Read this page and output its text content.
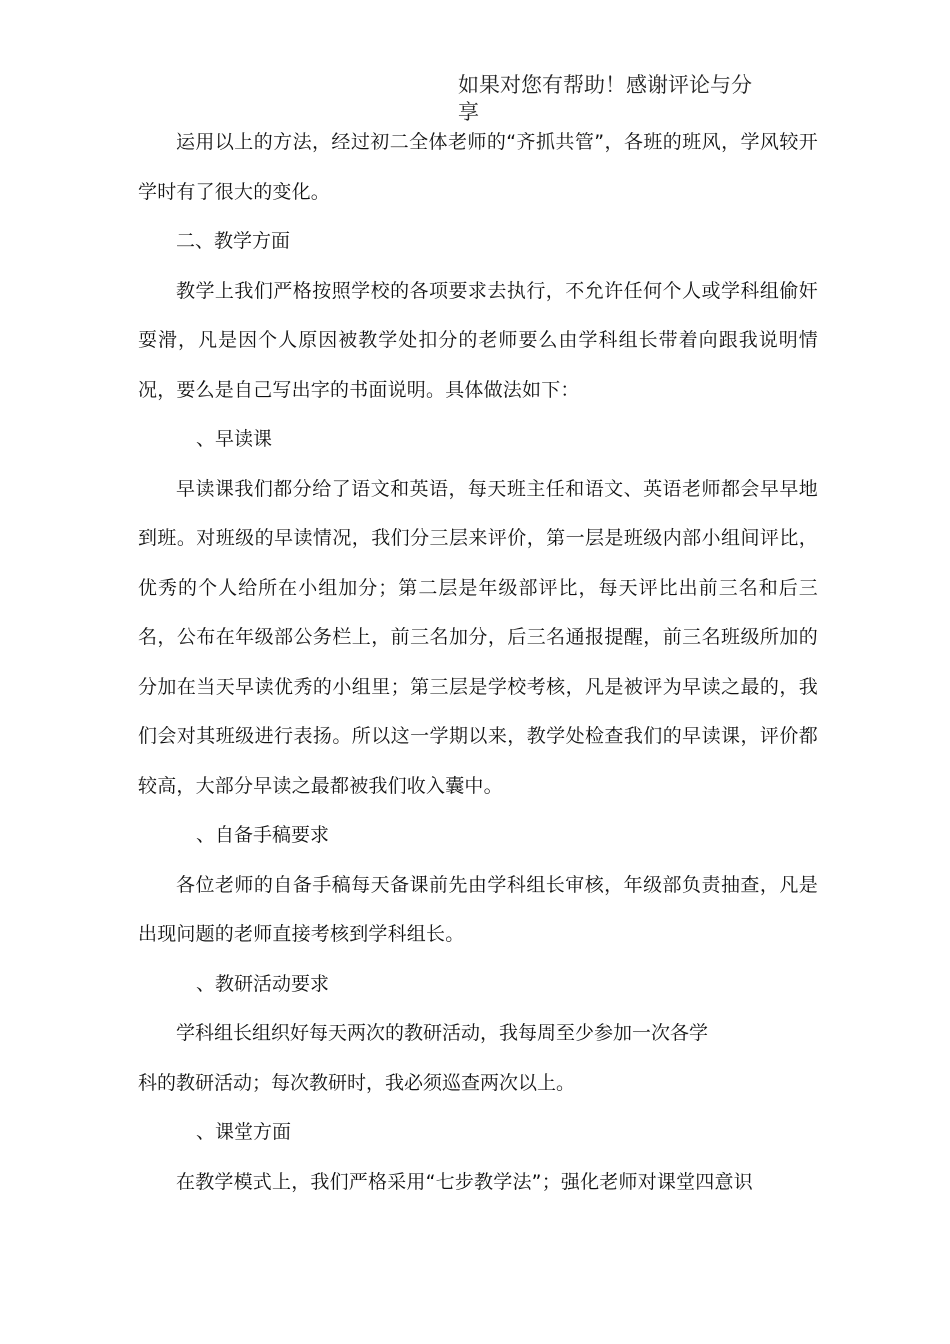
如果对您有帮助！感谢评论与分
享

运用以上的方法，经过初二全体老师的“齐抓共管”，各班的班风，学风较开学时有了很大的变化。

二、教学方面

教学上我们严格按照学校的各项要求去执行，不允许任何个人或学科组偷奸耍滑，凡是因个人原因被教学处扣分的老师要么由学科组长带着向跟我说明情况，要么是自己写出字的书面说明。具体做法如下：

、早读课

早读课我们都分给了语文和英语，每天班主任和语文、英语老师都会早早地到班。对班级的早读情况，我们分三层来评价，第一层是班级内部小组间评比，优秀的个人给所在小组加分；第二层是年级部评比，每天评比出前三名和后三名，公布在年级部公务栏上，前三名加分，后三名通报提醒，前三名班级所加的分加在当天早读优秀的小组里；第三层是学校考核，凡是被评为早读之最的，我们会对其班级进行表扬。所以这一学期以来，教学处检查我们的早读课，评价都较高，大部分早读之最都被我们收入囊中。

、自备手稿要求

各位老师的自备手稿每天备课前先由学科组长审核，年级部负责抽查，凡是出现问题的老师直接考核到学科组长。

、教研活动要求

学科组长组织好每天两次的教研活动，我每周至少参加一次各学

科的教研活动；每次教研时，我必须巡查两次以上。

、课堂方面

在教学模式上，我们严格采用“七步教学法”；强化老师对课堂四意识
